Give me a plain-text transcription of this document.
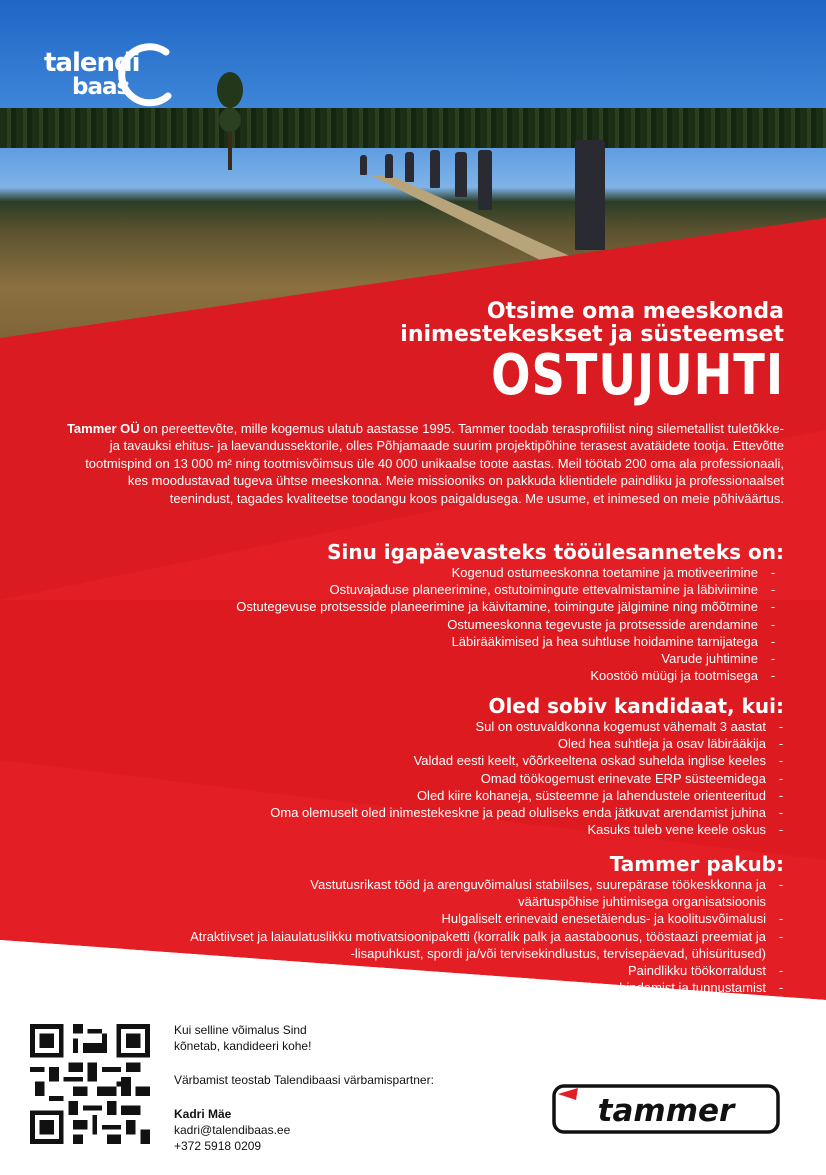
talendi
baas
Otsime oma meeskonda
inimestekeskset ja süsteemset
OSTUJUHTI
Tammer OÜ on pereettevõte, mille kogemus ulatub aastasse 1995. Tammer toodab terasprofiilist ning silemetallist tuletõkke- ja tavauksi ehitus- ja laevandussektorile, olles Põhjamaade suurim projektipõhine terasest avatäidete tootja. Ettevõtte tootmispind on 13 000 m² ning tootmisvõimsus üle 40 000 unikaalse toote aastas. Meil töötab 200 oma ala professionaali, kes moodustavad tugeva ühtse meeskonna. Meie missiooniks on pakkuda klientidele paindliku ja professionaalset teenindust, tagades kvaliteetse toodangu koos paigaldusega. Me usume, et inimesed on meie põhiväärtus.
Sinu igapäevasteks tööülesanneteks on:
Kogenud ostumeeskonna toetamine ja motiveerimine -
Ostuvajaduse planeerimine, ostutoimingute ettevalmistamine ja läbiviimine -
Ostutegevuse protsesside planeerimine ja käivitamine, toimingute jälgimine ning mõõtmine -
Ostumeeskonna tegevuste ja protsesside arendamine -
Läbirääkimised ja hea suhtluse hoidamine tarnijatega -
Varude juhtimine -
Koostöö müügi ja tootmisega -
Oled sobiv kandidaat, kui:
Sul on ostuvaldkonna kogemust vähemalt 3 aastat -
Oled hea suhtleja ja osav läbirääkija -
Valdad eesti keelt, võõrkeeltena oskad suhelda inglise keeles -
Omad töökogemust erinevate ERP süsteemidega -
Oled kiire kohaneja, süsteemne ja lahendustele orienteeritud -
Oma olemuselt oled inimestekeskne ja pead oluliseks enda jätkuvat arendamist juhina -
Kasuks tuleb vene keele oskus -
Tammer pakub:
Vastutusrikast tööd ja arenguvõimalusi stabiilses, suurepärase töökeskkonna ja -
väärtuspõhise juhtimisega organisatsioonis
Hulgaliselt erinevaid enesetäiendus- ja koolitusvõimalusi -
Atraktiivset ja laiaulatuslikku motivatsioonipaketti (korralik palk ja aastaboonus, tööstaazi preemiat ja -
-lisapuhkust, spordi ja/või tervisekindlustus, tervisepäevad, ühisüritused)
Paindlikku töökorraldust -
Väärtuspõhist soorituse hindamist ja tunnustamist -
Kui selline võimalus Sind
kõnetab, kandideeri kohe!
Värbamist teostab Talendibaasi värbamispartner:
Kadri Mäe
kadri@talendibaas.ee
+372 5918 0209
tammer
